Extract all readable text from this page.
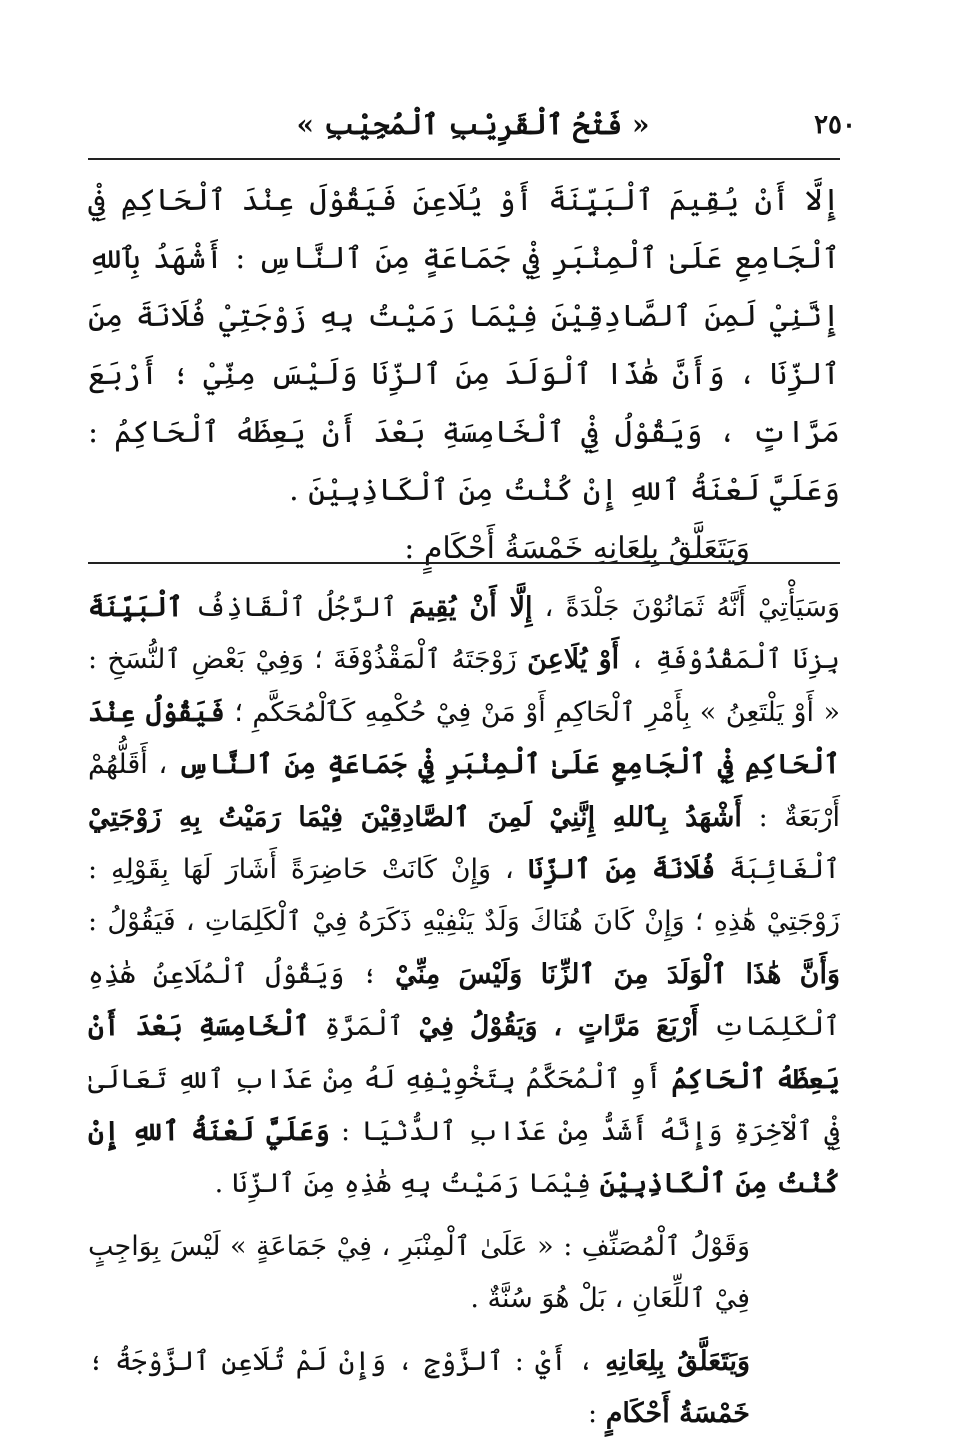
٢٥٠
« فَتْحُ ٱلْقَرِيْبِ ٱلْمُجِيْبِ »

إِلَّا أَنْ يُقِيمَ ٱلْبَيِّنَةَ أَوْ يُلَاعِنَ فَيَقُوْلَ عِنْدَ ٱلْحَاكِمِ فِيْ ٱلْجَامِعِ عَلَىٰ ٱلْمِنْبَرِ فِيْ جَمَاعَةٍ مِنَ ٱلنَّاسِ : أَشْهَدُ بِٱللهِ إِنَّنِيْ لَمِنَ ٱلصَّادِقِيْنَ فِيْمَا رَمَيْتُ بِهِ زَوْجَتِيْ فُلَانَةَ مِنَ ٱلزِّنَا ، وَأَنَّ هَٰذَا ٱلْوَلَدَ مِنَ ٱلزِّنَا وَلَيْسَ مِنِّيْ ؛ أَرْبَعَ مَرَّاتٍ ، وَيَقُوْلُ فِيْ ٱلْخَامِسَةِ بَعْدَ أَنْ يَعِظَهُ ٱلْحَاكِمُ : وَعَلَيَّ لَعْنَةُ ٱللهِ إِنْ كُنْتُ مِنَ ٱلْكَاذِبِيْنَ .

وَيَتَعَلَّقُ بِلِعَانِهِ خَمْسَةُ أَحْكَامٍ :

وَسَيَأْتِيْ أَنَّهُ ثَمَانُوْنَ جَلْدَةً ، إِلَّا أَنْ يُقِيمَ ٱلرَّجُلُ ٱلْقَاذِفُ ٱلْبَيِّنَةَ بِزِنَا ٱلْمَقْذُوْفَةِ ، أَوْ يُلَاعِنَ زَوْجَتَهُ ٱلْمَقْذُوْفَةَ ؛ وَفِيْ بَعْضِ ٱلنُّسَخِ : « أَوْ يَلْتَعِنُ » بِأَمْرِ ٱلْحَاكِمِ أَوْ مَنْ فِيْ حُكْمِهِ كَٱلْمُحَكَّمِ ؛ فَيَقُوْلُ عِنْدَ ٱلْحَاكِمِ فِيْ ٱلْجَامِعِ عَلَىٰ ٱلْمِنْبَرِ فِيْ جَمَاعَةٍ مِنَ ٱلنَّاسِ ، أَقَلُّهُمْ أَرْبَعَةٌ : أَشْهَدُ بِٱللهِ إِنَّنِيْ لَمِنَ ٱلصَّادِقِيْنَ فِيْمَا رَمَيْتُ بِهِ زَوْجَتِيْ ٱلْغَائِبَةَ فُلَانَةَ مِنَ ٱلزِّنَا ، وَإِنْ كَانَتْ حَاضِرَةً أَشَارَ لَهَا بِقَوْلِهِ : زَوْجَتِيْ هَٰذِهِ ؛ وَإِنْ كَانَ هُنَاكَ وَلَدٌ يَنْفِيْهِ ذَكَرَهُ فِيْ ٱلْكَلِمَاتِ ، فَيَقُوْلُ : وَأَنَّ هَٰذَا ٱلْوَلَدَ مِنَ ٱلزِّنَا وَلَيْسَ مِنِّيْ ؛ وَيَقُوْلُ ٱلْمُلَاعِنُ هَٰذِهِ ٱلْكَلِمَاتِ أَرْبَعَ مَرَّاتٍ ، وَيَقُوْلُ فِيْ ٱلْمَرَّةِ ٱلْخَامِسَةِ بَعْدَ أَنْ يَعِظَهُ ٱلْحَاكِمُ أَوِ ٱلْمُحَكَّمُ بِتَخْوِيْفِهِ لَهُ مِنْ عَذَابِ ٱللهِ تَعَالَىٰ فِيْ ٱلْآخِرَةِ وَإِنَّهُ أَشَدُّ مِنْ عَذَابِ ٱلدُّنْيَا : وَعَلَيَّ لَعْنَةُ ٱللهِ إِنْ كُنْتُ مِنَ ٱلْكَاذِبِيْنَ فِيْمَا رَمَيْتُ بِهِ هَٰذِهِ مِنَ ٱلزِّنَا .

وَقَوْلُ ٱلْمُصَنِّفِ : « عَلَىٰ ٱلْمِنْبَرِ ، فِيْ جَمَاعَةٍ » لَيْسَ بِوَاجِبٍ فِيْ ٱللِّعَانِ ، بَلْ هُوَ سُنَّةٌ .

وَيَتَعَلَّقُ بِلِعَانِهِ ، أَيْ : ٱلزَّوْجِ ، وَإِنْ لَمْ تُلَاعِنِ ٱلزَّوْجَةُ ؛ خَمْسَةُ أَحْكَامٍ :
